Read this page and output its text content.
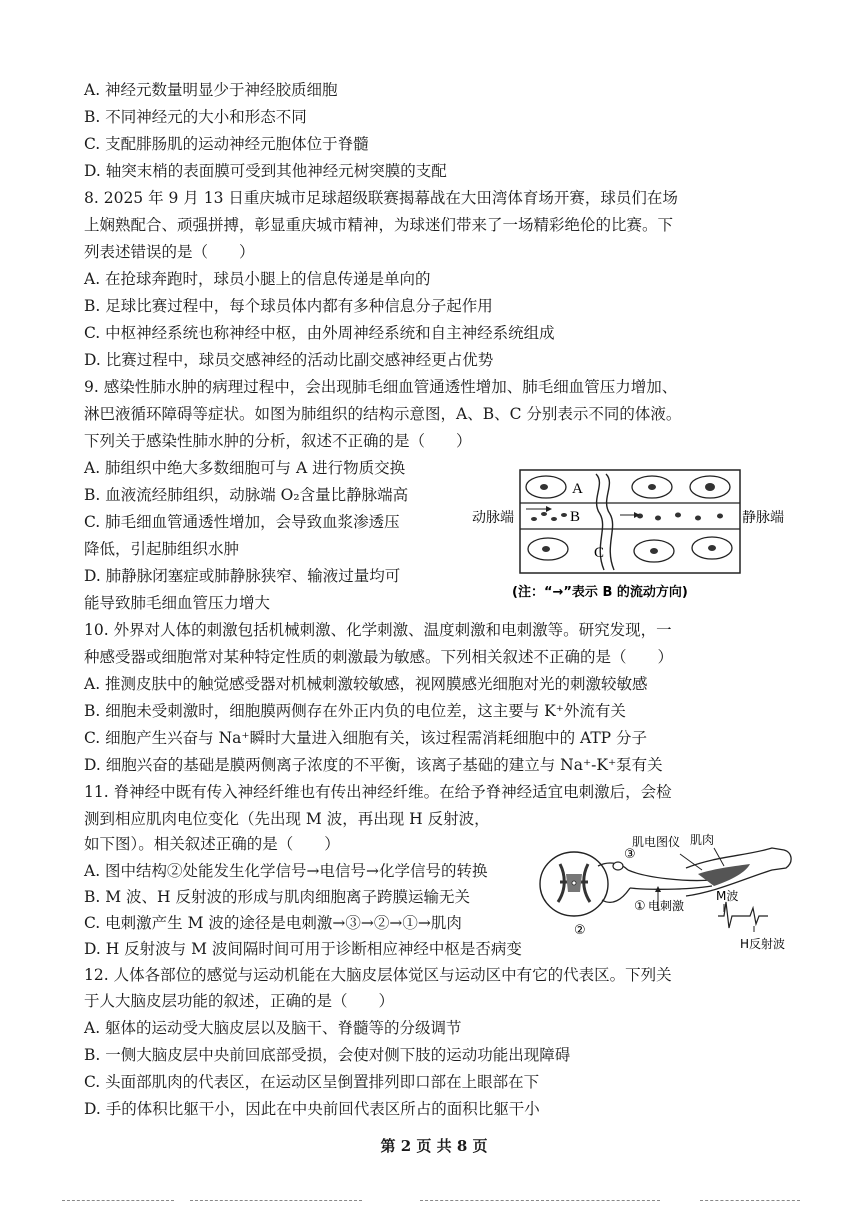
A. 神经元数量明显少于神经胶质细胞
B. 不同神经元的大小和形态不同
C. 支配腓肠肌的运动神经元胞体位于脊髓
D. 轴突末梢的表面膜可受到其他神经元树突膜的支配
8. 2025 年 9 月 13 日重庆城市足球超级联赛揭幕战在大田湾体育场开赛，球员们在场
上娴熟配合、顽强拼搏，彰显重庆城市精神，为球迷们带来了一场精彩绝伦的比赛。下
列表述错误的是（　　）
A. 在抢球奔跑时，球员小腿上的信息传递是单向的
B. 足球比赛过程中，每个球员体内都有多种信息分子起作用
C. 中枢神经系统也称神经中枢，由外周神经系统和自主神经系统组成
D. 比赛过程中，球员交感神经的活动比副交感神经更占优势
9. 感染性肺水肿的病理过程中，会出现肺毛细血管通透性增加、肺毛细血管压力增加、
淋巴液循环障碍等症状。如图为肺组织的结构示意图，A、B、C 分别表示不同的体液。
下列关于感染性肺水肿的分析，叙述不正确的是（　　）
A. 肺组织中绝大多数细胞可与 A 进行物质交换
B. 血液流经肺组织，动脉端 O₂含量比静脉端高
C. 肺毛细血管通透性增加，会导致血浆渗透压
降低，引起肺组织水肿
D. 肺静脉闭塞症或肺静脉狭窄、输液过量均可
能导致肺毛细血管压力增大
A
B
C
动脉端	静脉端
(注：“→”表示 B 的流动方向)
10. 外界对人体的刺激包括机械刺激、化学刺激、温度刺激和电刺激等。研究发现，一
种感受器或细胞常对某种特定性质的刺激最为敏感。下列相关叙述不正确的是（　　）
A. 推测皮肤中的触觉感受器对机械刺激较敏感，视网膜感光细胞对光的刺激较敏感
B. 细胞未受刺激时，细胞膜两侧存在外正内负的电位差，这主要与 K⁺外流有关
C. 细胞产生兴奋与 Na⁺瞬时大量进入细胞有关，该过程需消耗细胞中的 ATP 分子
D. 细胞兴奋的基础是膜两侧离子浓度的不平衡，该离子基础的建立与 Na⁺-K⁺泵有关
11. 脊神经中既有传入神经纤维也有传出神经纤维。在给予脊神经适宜电刺激后，会检
测到相应肌肉电位变化（先出现 M 波，再出现 H 反射波，
如下图）。相关叙述正确的是（　　）
A. 图中结构②处能发生化学信号→电信号→化学信号的转换
B. M 波、H 反射波的形成与肌肉细胞离子跨膜运输无关
C. 电刺激产生 M 波的途径是电刺激→③→②→①→肌肉
D. H 反射波与 M 波间隔时间可用于诊断相应神经中枢是否病变
③
①
②
肌电图仪 肌肉
电刺激
M波
H反射波
12. 人体各部位的感觉与运动机能在大脑皮层体觉区与运动区中有它的代表区。下列关
于人大脑皮层功能的叙述，正确的是（　　）
A. 躯体的运动受大脑皮层以及脑干、脊髓等的分级调节
B. 一侧大脑皮层中央前回底部受损，会使对侧下肢的运动功能出现障碍
C. 头面部肌肉的代表区，在运动区呈倒置排列即口部在上眼部在下
D. 手的体积比躯干小，因此在中央前回代表区所占的面积比躯干小
第 2 页 共 8 页
